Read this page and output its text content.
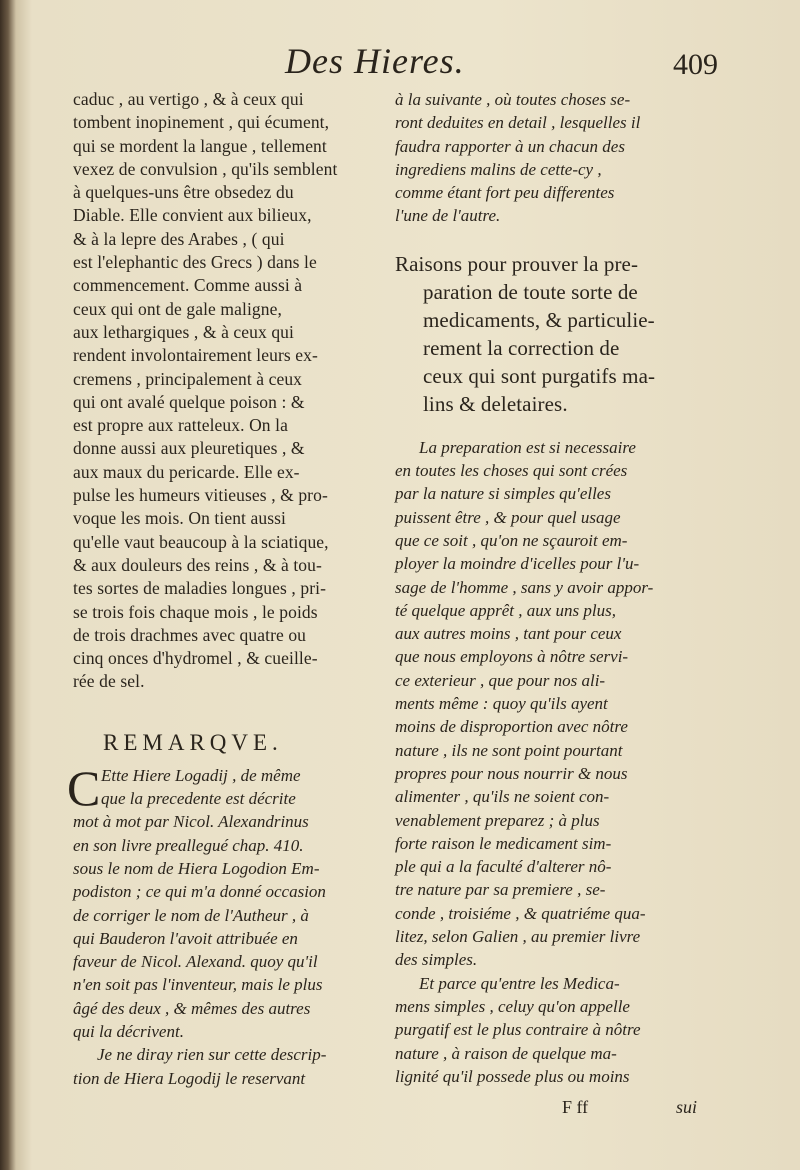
Des Hieres.	409
caduc , au vertigo , & à ceux qui
tombent inopinement , qui écument,
qui se mordent la langue , tellement
vexez de convulsion , qu'ils semblent
à quelques-uns être obsedez du
Diable. Elle convient aux bilieux,
& à la lepre des Arabes , ( qui
est l'elephantic des Grecs ) dans le
commencement. Comme aussi à
ceux qui ont de gale maligne,
aux lethargiques , & à ceux qui
rendent involontairement leurs ex-
cremens , principalement à ceux
qui ont avalé quelque poison : &
est propre aux ratteleux. On la
donne aussi aux pleuretiques , &
aux maux du pericarde. Elle ex-
pulse les humeurs vitieuses , & pro-
voque les mois. On tient aussi
qu'elle vaut beaucoup à la sciatique,
& aux douleurs des reins , & à tou-
tes sortes de maladies longues , pri-
se trois fois chaque mois , le poids
de trois drachmes avec quatre ou
cinq onces d'hydromel , & cueille-
rée de sel.
REMARQVE.
C Ette Hiere Logadij , de même
que la precedente est décrite
mot à mot par Nicol. Alexandrinus
en son livre preallegué chap. 410.
sous le nom de Hiera Logodion Em-
podiston ; ce qui m'a donné occasion
de corriger le nom de l'Autheur , à
qui Bauderon l'avoit attribuée en
faveur de Nicol. Alexand. quoy qu'il
n'en soit pas l'inventeur, mais le plus
âgé des deux , & mêmes des autres
qui la décrivent.
Je ne diray rien sur cette descrip-
tion de Hiera Logodij le reservant
à la suivante , où toutes choses se-
ront deduites en detail , lesquelles il
faudra rapporter à un chacun des
ingrediens malins de cette-cy ,
comme étant fort peu differentes
l'une de l'autre.
Raisons pour prouver la pre-
paration de toute sorte de
medicaments, & particulie-
rement la correction de
ceux qui sont purgatifs ma-
lins & deletaires.
La preparation est si necessaire
en toutes les choses qui sont crées
par la nature si simples qu'elles
puissent être , & pour quel usage
que ce soit , qu'on ne sçauroit em-
ployer la moindre d'icelles pour l'u-
sage de l'homme , sans y avoir appor-
té quelque apprêt , aux uns plus,
aux autres moins , tant pour ceux
que nous employons à nôtre servi-
ce exterieur , que pour nos ali-
ments même : quoy qu'ils ayent
moins de disproportion avec nôtre
nature , ils ne sont point pourtant
propres pour nous nourrir & nous
alimenter , qu'ils ne soient con-
venablement preparez ; à plus
forte raison le medicament sim-
ple qui a la faculté d'alterer nô-
tre nature par sa premiere , se-
conde , troisiéme , & quatriéme qua-
litez, selon Galien , au premier livre
des simples.
Et parce qu'entre les Medica-
mens simples , celuy qu'on appelle
purgatif est le plus contraire à nôtre
nature , à raison de quelque ma-
lignité qu'il possede plus ou moins
F ff	sui
